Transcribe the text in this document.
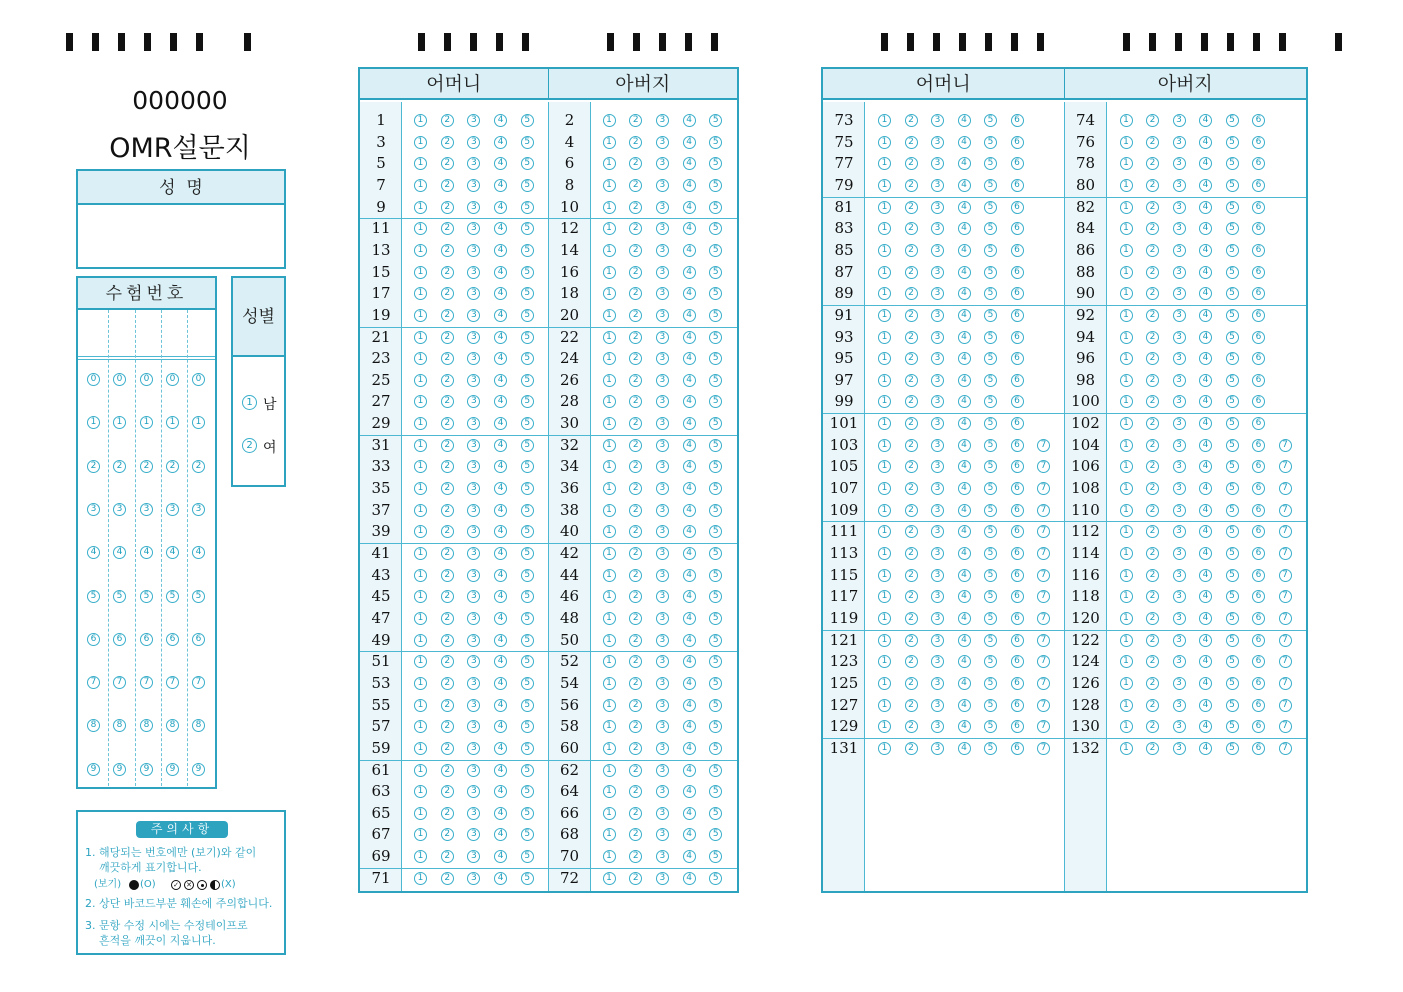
000000
OMR설문지
성  명
수험번호
0	0	0	0	0
1	1	1	1	1
2	2	2	2	2
3	3	3	3	3
4	4	4	4	4
5	5	5	5	5
6	6	6	6	6
7	7	7	7	7
8	8	8	8	8
9	9	9	9	9
성별
1 남
2 여
주의사항
1. 해당되는 번호에만 (보기)와 같이
깨끗하게 표기합니다.
(보기) (O) ✓ ✕	(X)
2. 상단 바코드부분 훼손에 주의합니다.
3. 문항 수정 시에는 수정테이프로
흔적을 깨끗이 지웁니다.
어머니	아버지
1	1	2	3	4	5	2	1	2	3	4	5
3	1	2	3	4	5	4	1	2	3	4	5
5	1	2	3	4	5	6	1	2	3	4	5
7	1	2	3	4	5	8	1	2	3	4	5
9	1	2	3	4	5	10	1	2	3	4	5
11	1	2	3	4	5	12	1	2	3	4	5
13	1	2	3	4	5	14	1	2	3	4	5
15	1	2	3	4	5	16	1	2	3	4	5
17	1	2	3	4	5	18	1	2	3	4	5
19	1	2	3	4	5	20	1	2	3	4	5
21	1	2	3	4	5	22	1	2	3	4	5
23	1	2	3	4	5	24	1	2	3	4	5
25	1	2	3	4	5	26	1	2	3	4	5
27	1	2	3	4	5	28	1	2	3	4	5
29	1	2	3	4	5	30	1	2	3	4	5
31	1	2	3	4	5	32	1	2	3	4	5
33	1	2	3	4	5	34	1	2	3	4	5
35	1	2	3	4	5	36	1	2	3	4	5
37	1	2	3	4	5	38	1	2	3	4	5
39	1	2	3	4	5	40	1	2	3	4	5
41	1	2	3	4	5	42	1	2	3	4	5
43	1	2	3	4	5	44	1	2	3	4	5
45	1	2	3	4	5	46	1	2	3	4	5
47	1	2	3	4	5	48	1	2	3	4	5
49	1	2	3	4	5	50	1	2	3	4	5
51	1	2	3	4	5	52	1	2	3	4	5
53	1	2	3	4	5	54	1	2	3	4	5
55	1	2	3	4	5	56	1	2	3	4	5
57	1	2	3	4	5	58	1	2	3	4	5
59	1	2	3	4	5	60	1	2	3	4	5
61	1	2	3	4	5	62	1	2	3	4	5
63	1	2	3	4	5	64	1	2	3	4	5
65	1	2	3	4	5	66	1	2	3	4	5
67	1	2	3	4	5	68	1	2	3	4	5
69	1	2	3	4	5	70	1	2	3	4	5
71	1	2	3	4	5	72	1	2	3	4	5
어머니	아버지
73	1	2	3	4	5	6	74	1	2	3	4	5	6
75	1	2	3	4	5	6	76	1	2	3	4	5	6
77	1	2	3	4	5	6	78	1	2	3	4	5	6
79	1	2	3	4	5	6	80	1	2	3	4	5	6
81	1	2	3	4	5	6	82	1	2	3	4	5	6
83	1	2	3	4	5	6	84	1	2	3	4	5	6
85	1	2	3	4	5	6	86	1	2	3	4	5	6
87	1	2	3	4	5	6	88	1	2	3	4	5	6
89	1	2	3	4	5	6	90	1	2	3	4	5	6
91	1	2	3	4	5	6	92	1	2	3	4	5	6
93	1	2	3	4	5	6	94	1	2	3	4	5	6
95	1	2	3	4	5	6	96	1	2	3	4	5	6
97	1	2	3	4	5	6	98	1	2	3	4	5	6
99	1	2	3	4	5	6	100	1	2	3	4	5	6
101	1	2	3	4	5	6	102	1	2	3	4	5	6
103	1	2	3	4	5	6	7	104	1	2	3	4	5	6	7
105	1	2	3	4	5	6	7	106	1	2	3	4	5	6	7
107	1	2	3	4	5	6	7	108	1	2	3	4	5	6	7
109	1	2	3	4	5	6	7	110	1	2	3	4	5	6	7
111	1	2	3	4	5	6	7	112	1	2	3	4	5	6	7
113	1	2	3	4	5	6	7	114	1	2	3	4	5	6	7
115	1	2	3	4	5	6	7	116	1	2	3	4	5	6	7
117	1	2	3	4	5	6	7	118	1	2	3	4	5	6	7
119	1	2	3	4	5	6	7	120	1	2	3	4	5	6	7
121	1	2	3	4	5	6	7	122	1	2	3	4	5	6	7
123	1	2	3	4	5	6	7	124	1	2	3	4	5	6	7
125	1	2	3	4	5	6	7	126	1	2	3	4	5	6	7
127	1	2	3	4	5	6	7	128	1	2	3	4	5	6	7
129	1	2	3	4	5	6	7	130	1	2	3	4	5	6	7
131	1	2	3	4	5	6	7	132	1	2	3	4	5	6	7
